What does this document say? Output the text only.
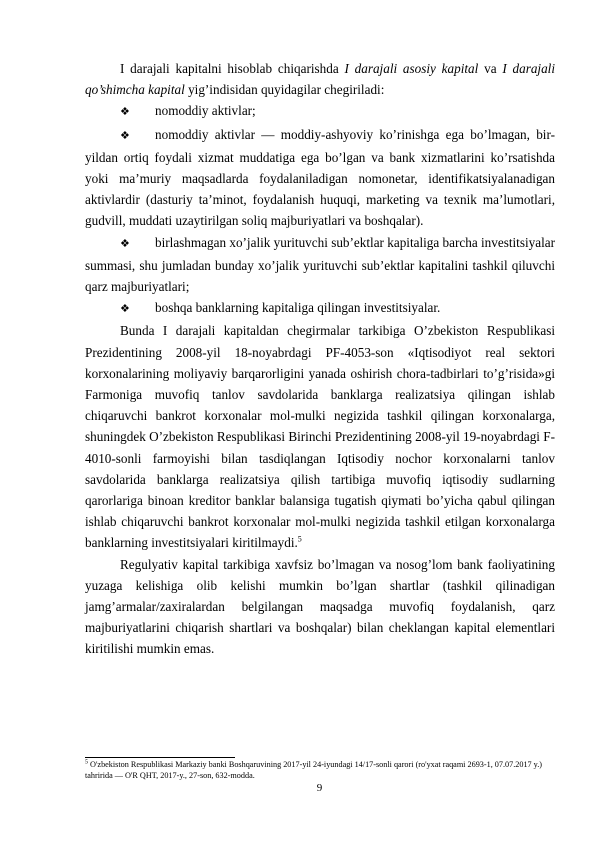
I darajali kapitalni hisoblab chiqarishda I darajali asosiy kapital va I darajali qo’shimcha kapital yig’indisidan quyidagilar chegiriladi:

❖ nomoddiy aktivlar;

❖ nomoddiy aktivlar — moddiy-ashyoviy ko’rinishga ega bo’lmagan, bir-yildan ortiq foydali xizmat muddatiga ega bo’lgan va bank xizmatlarini ko’rsatishda yoki ma’muriy maqsadlarda foydalaniladigan nomonetar, identifikatsiyalanadigan aktivlardir (dasturiy ta’minot, foydalanish huquqi, marketing va texnik ma’lumotlari, gudvill, muddati uzaytirilgan soliq majburiyatlari va boshqalar).

❖ birlashmagan xo’jalik yurituvchi sub’ektlar kapitaliga barcha investitsiyalar summasi, shu jumladan bunday xo’jalik yurituvchi sub’ektlar kapitalini tashkil qiluvchi qarz majburiyatlari;

❖ boshqa banklarning kapitaliga qilingan investitsiyalar.

Bunda I darajali kapitaldan chegirmalar tarkibiga O’zbekiston Respublikasi Prezidentining 2008-yil 18-noyabrdagi PF-4053-son «Iqtisodiyot real sektori korxonalarining moliyaviy barqarorligini yanada oshirish chora-tadbirlari to’g’risida»gi Farmoniga muvofiq tanlov savdolarida banklarga realizatsiya qilingan ishlab chiqaruvchi bankrot korxonalar mol-mulki negizida tashkil qilingan korxonalarga, shuningdek O’zbekiston Respublikasi Birinchi Prezidentining 2008-yil 19-noyabrdagi F-4010-sonli farmoyishi bilan tasdiqlangan Iqtisodiy nochor korxonalarni tanlov savdolarida banklarga realizatsiya qilish tartibiga muvofiq iqtisodiy sudlarning qarorlariga binoan kreditor banklar balansiga tugatish qiymati bo’yicha qabul qilingan ishlab chiqaruvchi bankrot korxonalar mol-mulki negizida tashkil etilgan korxonalarga banklarning investitsiyalari kiritilmaydi.$^5$

Regulyativ kapital tarkibiga xavfsiz bo’lmagan va nosog’lom bank faoliyatining yuzaga kelishiga olib kelishi mumkin bo’lgan shartlar (tashkil qilinadigan jamg’armalar/zaxiralardan belgilangan maqsadga muvofiq foydalanish, qarz majburiyatlarini chiqarish shartlari va boshqalar) bilan cheklangan kapital elementlari kiritilishi mumkin emas.

$^5$ O'zbekiston Respublikasi Markaziy banki Boshqaruvining 2017-yil 24-iyundagi 14/17-sonli qarori (ro'yxat raqami 2693-1, 07.07.2017 y.) tahririda — O'R QHT, 2017-y., 27-son, 632-modda.
9
